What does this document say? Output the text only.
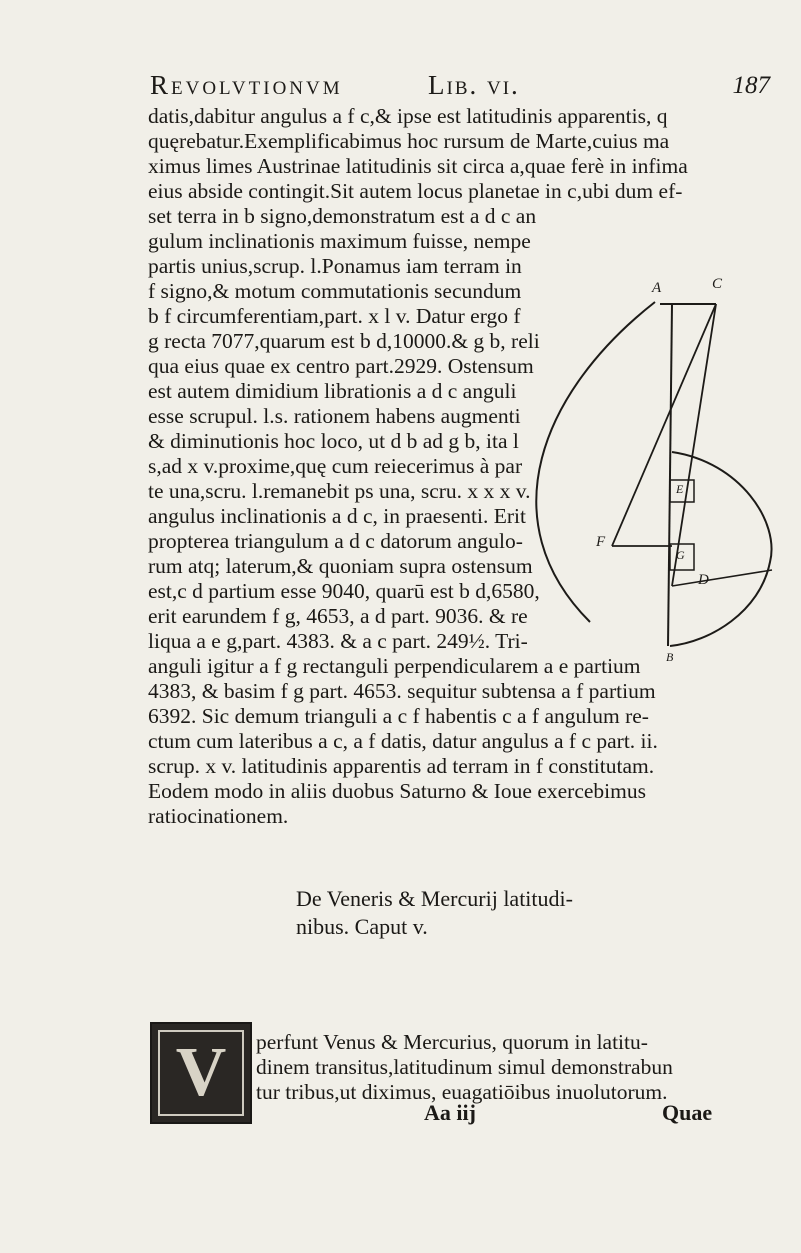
Revolvtionvm	Lib. vi.	187
datis,dabitur angulus a f c,& ipse est latitudinis apparentis, q
quęrebatur.Exemplificabimus hoc rursum de Marte,cuius ma
ximus limes Austrinae latitudinis sit circa a,quae ferè in infima
eius absidе contingit.Sit autem locus planetae in c,ubi dum ef-
set terra in b signo,demonstratum est a d c an
gulum inclinationis maximum fuisse, nempe
partis unius,scrup. l.Ponamus iam terram in
f signo,& motum commutationis secundum
b f circumferentiam,part. x l v. Datur ergo f
g recta 7077,quarum est b d,10000.& g b, reli
qua eius quae ex centro part.2929. Ostensum
est autem dimidium librationis a d c anguli
esse scrupul. l.s. rationem habens augmenti
& diminutionis hoc loco, ut d b ad g b, ita l
s,ad x v.proxime,quę cum reiecerimus à par
te una,scru. l.remanebit ps una, scru. x x x v.
angulus inclinationis a d c, in praesenti. Erit
propterea triangulum a d c datorum angulo-
rum atq; laterum,& quoniam supra ostensum
est,c d partium esse 9040, quarū est b d,6580,
erit earundem f g, 4653, a d part. 9036. & re
liqua a e g,part. 4383. & a c part. 249½. Tri-
anguli igitur a f g rectanguli perpendicularem a e partium
4383, & basim f g part. 4653. sequitur subtensa a f partium
6392. Sic demum trianguli a c f habentis c a f angulum re-
ctum cum lateribus a c, a f datis, datur angulus a f c part. ii.
scrup. x v. latitudinis apparentis ad terram in f constitutam.
Eodem modo in aliis duobus Saturno & Ioue exercebimus
ratiocinationem.
A	C
E
G
D
F
B
De Veneris & Mercurij latitudi-
nibus. Caput v.
V perfunt Venus & Mercurius, quorum in latitu-
dinem transitus,latitudinum simul demonstrabun
tur tribus,ut diximus, euagatiōibus inuolutorum.
Aa iij	Quae
